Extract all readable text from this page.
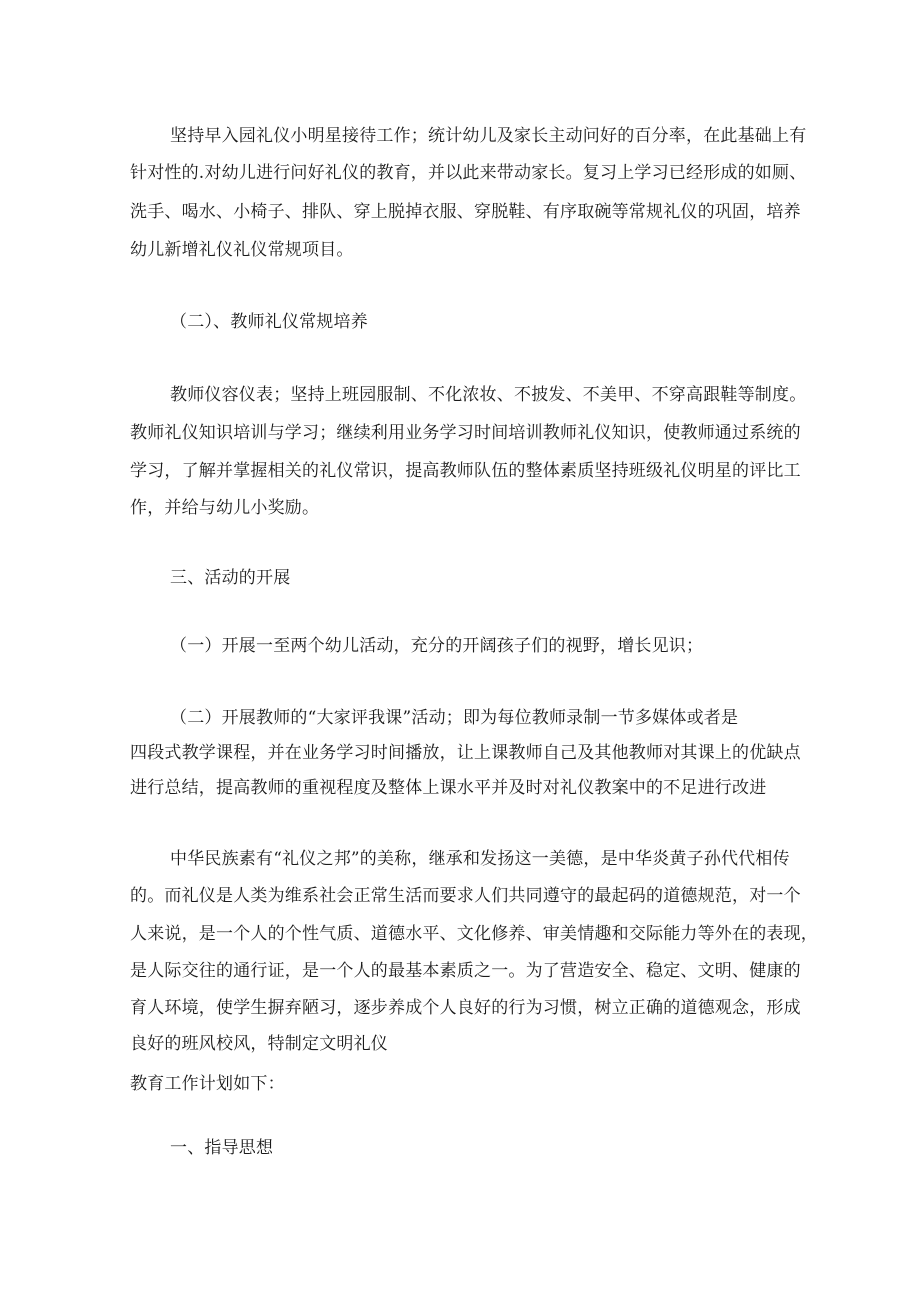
坚持早入园礼仪小明星接待工作；统计幼儿及家长主动问好的百分率，在此基础上有
针对性的.对幼儿进行问好礼仪的教育，并以此来带动家长。复习上学习已经形成的如厕、
洗手、喝水、小椅子、排队、穿上脱掉衣服、穿脱鞋、有序取碗等常规礼仪的巩固，培养
幼儿新增礼仪礼仪常规项目。
（二）、教师礼仪常规培养
教师仪容仪表；坚持上班园服制、不化浓妆、不披发、不美甲、不穿高跟鞋等制度。
教师礼仪知识培训与学习；继续利用业务学习时间培训教师礼仪知识，使教师通过系统的
学习，了解并掌握相关的礼仪常识，提高教师队伍的整体素质坚持班级礼仪明星的评比工
作，并给与幼儿小奖励。
三、活动的开展
（一）开展一至两个幼儿活动，充分的开阔孩子们的视野，增长见识；
（二）开展教师的“大家评我课”活动；即为每位教师录制一节多媒体或者是
四段式教学课程，并在业务学习时间播放，让上课教师自己及其他教师对其课上的优缺点
进行总结，提高教师的重视程度及整体上课水平并及时对礼仪教案中的不足进行改进
中华民族素有“礼仪之邦”的美称，继承和发扬这一美德，是中华炎黄子孙代代相传
的。而礼仪是人类为维系社会正常生活而要求人们共同遵守的最起码的道德规范，对一个
人来说，是一个人的个性气质、道德水平、文化修养、审美情趣和交际能力等外在的表现，
是人际交往的通行证，是一个人的最基本素质之一。为了营造安全、稳定、文明、健康的
育人环境，使学生摒弃陋习，逐步养成个人良好的行为习惯，树立正确的道德观念，形成
良好的班风校风，特制定文明礼仪
教育工作计划如下：
一、指导思想
